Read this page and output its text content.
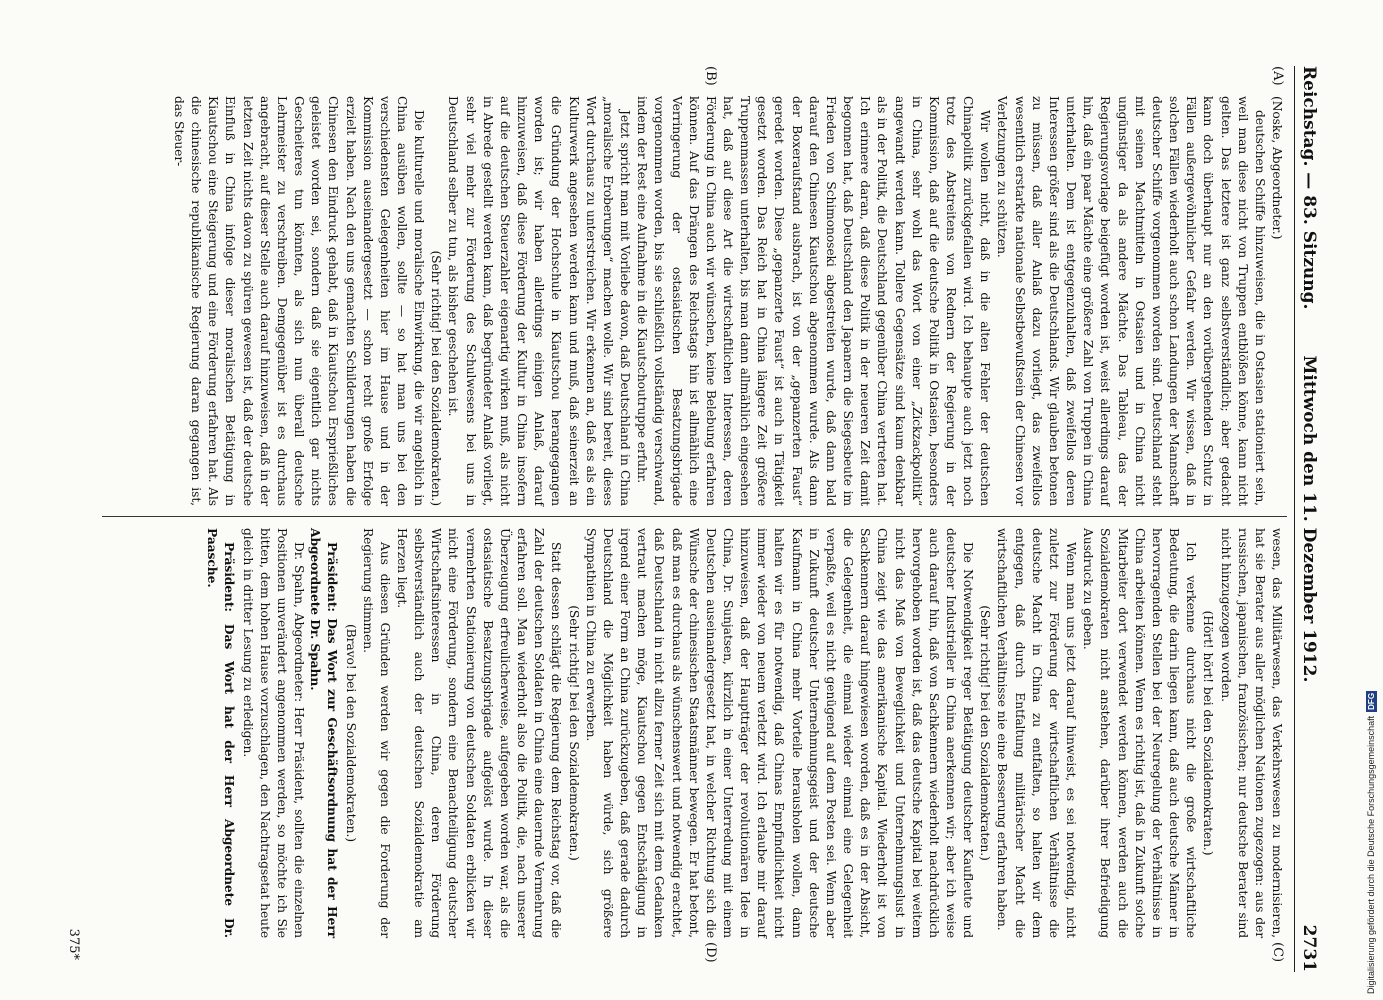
Reichstag. — 83. Sitzung.
Mittwoch den 11. Dezember 1912.
2731
(A)
(B)
(C)
(D)

(Noske, Abgeordneter.)

deutschen Schiffe hinzuweisen, die in Ostasien stationiert sein, weil man diese nicht von Truppen entblößen könne, kann nicht gelten. Das letztere ist ganz selbstverständlich; aber gedacht kann doch überhaupt nur an den vorübergehenden Schutz in Fällen außergewöhnlicher Gefahr werden. Wir wissen, daß in solchen Fällen wiederholt auch schon Landungen der Mannschaft deutscher Schiffe vorgenommen worden sind. Deutschland steht mit seinen Machtmitteln in Ostasien und in China nicht ungünstiger da als andere Mächte. Das Tableau, das der Regierungsvorlage beigefügt worden ist, weist allerdings darauf hin, daß ein paar Mächte eine größere Zahl von Truppen in China unterhalten. Dem ist entgegenzuhalten, daß zweifellos deren Interessen größer sind als die Deutschlands. Wir glauben betonen zu müssen, daß aller Anlaß dazu vorliegt, das zweifellos wesentlich erstarkte nationale Selbstbewußtsein der Chinesen vor Verletzungen zu schützen.

Wir wollen nicht, daß in die alten Fehler der deutschen Chinapolitik zurückgefallen wird. Ich behaupte auch jetzt noch trotz des Abstreitens von Rednern der Regierung in der Kommission, daß auf die deutsche Politik in Ostasien, besonders in China, sehr wohl das Wort von einer „Zickzackpolitik“ angewandt werden kann. Tollere Gegensätze sind kaum denkbar als in der Politik, die Deutschland gegenüber China vertreten hat. Ich erinnere daran, daß diese Politik in der neueren Zeit damit begonnen hat, daß Deutschland den Japanern die Siegesbeute im Frieden von Schimonoseki abgestreiten wurde, daß dann bald darauf den Chinesen Kiautschou abgenommen wurde. Als dann der Boxeraufstand ausbrach, ist von der „gepanzerten Faust“ geredet worden. Diese „gepanzerte Faust“ ist auch in Tätigkeit gesetzt worden. Das Reich hat in China längere Zeit größere Truppenmassen unterhalten, bis man dann allmählich eingesehen hat, daß auf diese Art die wirtschaftlichen Interessen, deren Förderung in China auch wir wünschen, keine Belebung erfahren können. Auf das Drängen des Reichstags hin ist allmählich eine Verringerung der ostasiatischen Besatzungsbrigade vorgenommen worden, bis sie schließlich vollständig verschwand, indem der Rest eine Aufnahme in die Kiautschoutruppe erfuhr.

Jetzt spricht man mit Vorliebe davon, daß Deutschland in China „moralische Eroberungen“ machen wolle. Wir sind bereit, dieses Wort durchaus zu unterstreichen. Wir erkennen an, daß es als ein Kulturwerk angesehen werden kann und muß, daß seinerzeit an die Gründung der Hochschule in Kiautschou herangegangen worden ist; wir haben allerdings einigen Anlaß, darauf hinzuweisen, daß diese Förderung der Kultur in China insofern auf die deutschen Steuerzahler eigenartig wirken muß, als nicht in Abrede gestellt werden kann, daß begründeter Anlaß vorliegt, sehr viel mehr zur Förderung des Schulwesens bei uns in Deutschland selber zu tun, als bisher geschehen ist.

(Sehr richtig! bei den Sozialdemokraten.)

Die kulturelle und moralische Einwirkung, die wir angeblich in China ausüben wollen, sollte — so hat man uns bei den verschiedensten Gelegenheiten hier im Hause und in der Kommission auseinandergesetzt — schon recht große Erfolge erzielt haben. Nach den uns gemachten Schilderungen haben die Chinesen den Eindruck gehabt, daß in Kiautschou Ersprießliches geleistet worden sei, sondern daß sie eigentlich gar nichts Gescheiteres tun könnten, als sich nun überall deutsche Lehrmeister zu verschreiben. Demgegenüber ist es durchaus angebracht, auf dieser Stelle auch darauf hinzuweisen, daß in der letzten Zeit nichts davon zu spüren gewesen ist, daß der deutsche Einfluß in China infolge dieser moralischen Betätigung in Kiautschou eine Steigerung und eine Förderung erfahren hat. Als die chinesische republikanische Regierung daran gegangen ist, das Steuer-

wesen, das Militärwesen, das Verkehrswesen zu modernisieren, hat sie Berater aus aller möglichen Nationen zugezogen: aus der russischen, japanischen, französischen; nur deutsche Berater sind nicht hinzugezogen worden.

(Hört! hört! bei den Sozialdemokraten.)

Ich verkenne durchaus nicht die große wirtschaftliche Bedeutung, die darin liegen kann, daß auch deutsche Männer in hervorragenden Stellen bei der Neuregelung der Verhältnisse in China arbeiten können. Wenn es richtig ist, daß in Zukunft solche Mitarbeiter dort verwendet werden können, werden auch die Sozialdemokraten nicht anstehen, darüber ihrer Befriedigung Ausdruck zu geben.

Wenn man uns jetzt darauf hinweist, es sei notwendig, nicht zuletzt zur Förderung der wirtschaftlichen Verhältnisse die deutsche Macht in China zu entfalten, so halten wir dem entgegen, daß durch Entfaltung militärischer Macht die wirtschaftlichen Verhältnisse nie eine Besserung erfahren haben.

(Sehr richtig! bei den Sozialdemokraten.)

Die Notwendigkeit reger Betätigung deutscher Kaufleute und deutscher Industrieller in China anerkennen wir; aber ich weise auch darauf hin, daß von Sachkennern wiederholt nachdrücklich hervorgehoben worden ist, daß das deutsche Kapital bei weitem nicht das Maß von Beweglichkeit und Unternehmungslust in China zeigt wie das amerikanische Kapital. Wiederholt ist von Sachkennern darauf hingewiesen worden, daß es in der Absicht, die Gelegenheit, die einmal wieder einmal eine Gelegenheit verpaßte, weil es nicht genügend auf dem Posten sei. Wenn aber in Zukunft deutscher Unternehmungsgeist und der deutsche Kaufmann in China mehr Vorteile herausholen wollen, dann halten wir es für notwendig, daß Chinas Empfindlichkeit nicht immer wieder von neuem verletzt wird. Ich erlaube mir darauf hinzuweisen, daß der Hauptträger der revolutionären Idee in China, Dr. Sunjatsen, kürzlich in einer Unterredung mit einem Deutschen auseinandergesetzt hat, in welcher Richtung sich die Wünsche der chinesischen Staatsmänner bewegen. Er hat betont, daß man es durchaus als wünschenswert und notwendig erachtet, daß Deutschland in nicht allzu ferner Zeit sich mit dem Gedanken vertraut machen möge, Kiautschou gegen Entschädigung in irgend einer Form an China zurückzugeben, daß gerade dadurch Deutschland die Möglichkeit haben würde, sich größere Sympathien in China zu erwerben.

(Sehr richtig! bei den Sozialdemokraten.)

Statt dessen schlägt die Regierung dem Reichstag vor, daß die Zahl der deutschen Soldaten in China eine dauernde Vermehrung erfahren soll. Man wiederholt also die Politik, die, nach unserer Überzeugung erfreulicherweise, aufgegeben worden war, als die ostasiatische Besatzungsbrigade aufgelöst wurde. In dieser vermehrten Stationierung von deutschen Soldaten erblicken wir nicht eine Förderung, sondern eine Benachteiligung deutscher Wirtschaftsinteressen in China, deren Förderung selbstverständlich auch der deutschen Sozialdemokratie am Herzen liegt.

Aus diesen Gründen werden wir gegen die Forderung der Regierung stimmen.

(Bravo! bei den Sozialdemokraten.)

Präsident: Das Wort zur Geschäftsordnung hat der Herr Abgeordnete Dr. Spahn.

Dr. Spahn, Abgeordneter: Herr Präsident, sollten die einzelnen Positionen unverändert angenommen werden, so möchte ich Sie bitten, dem hohen Hause vorzuschlagen, den Nachtragsetat heute gleich in dritter Lesung zu erledigen.

Präsident: Das Wort hat der Herr Abgeordnete Dr. Paasche.

375*	Digitalisierung gefördert durch die Deutsche ForschungsgemeinschaftDFG
